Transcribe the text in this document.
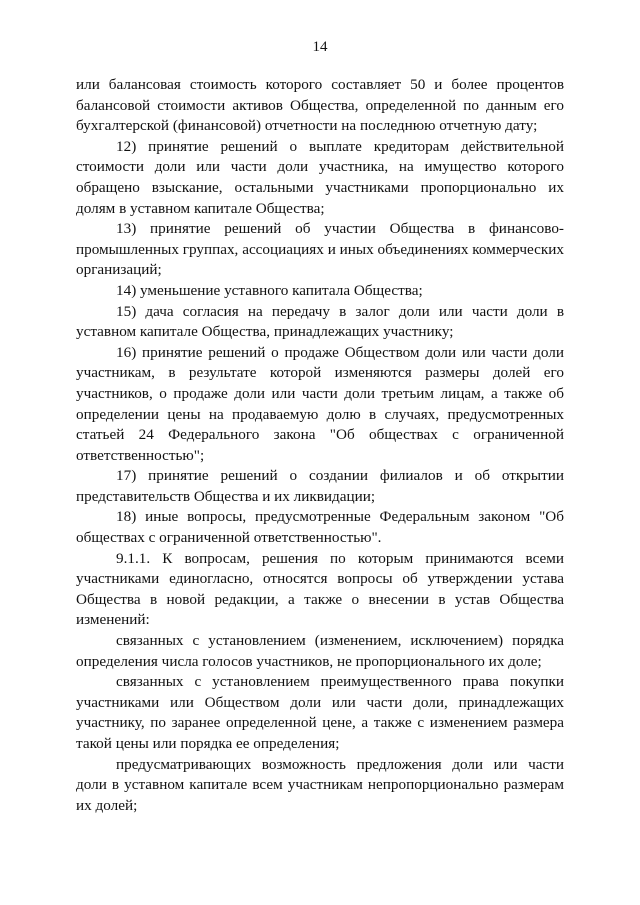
14

или балансовая стоимость которого составляет 50 и более процентов балансовой стоимости активов Общества, определенной по данным его бухгалтерской (финансовой) отчетности на последнюю отчетную дату;

12) принятие решений о выплате кредиторам действительной стоимости доли или части доли участника, на имущество которого обращено взыскание, остальными участниками пропорционально их долям в уставном капитале Общества;

13) принятие решений об участии Общества в финансово-промышленных группах, ассоциациях и иных объединениях коммерческих организаций;

14) уменьшение уставного капитала Общества;

15) дача согласия на передачу в залог доли или части доли в уставном капитале Общества, принадлежащих участнику;

16) принятие решений о продаже Обществом доли или части доли участникам, в результате которой изменяются размеры долей его участников, о продаже доли или части доли третьим лицам, а также об определении цены на продаваемую долю в случаях, предусмотренных статьей 24 Федерального закона "Об обществах с ограниченной ответственностью";

17) принятие решений о создании филиалов и об открытии представительств Общества и их ликвидации;

18) иные вопросы, предусмотренные Федеральным законом "Об обществах с ограниченной ответственностью".

9.1.1. К вопросам, решения по которым принимаются всеми участниками единогласно, относятся вопросы об утверждении устава Общества в новой редакции, а также о внесении в устав Общества изменений:

связанных с установлением (изменением, исключением) порядка определения числа голосов участников, не пропорционального их доле;

связанных с установлением преимущественного права покупки участниками или Обществом доли или части доли, принадлежащих участнику, по заранее определенной цене, а также с изменением размера такой цены или порядка ее определения;

предусматривающих возможность предложения доли или части доли в уставном капитале всем участникам непропорционально размерам их долей;
